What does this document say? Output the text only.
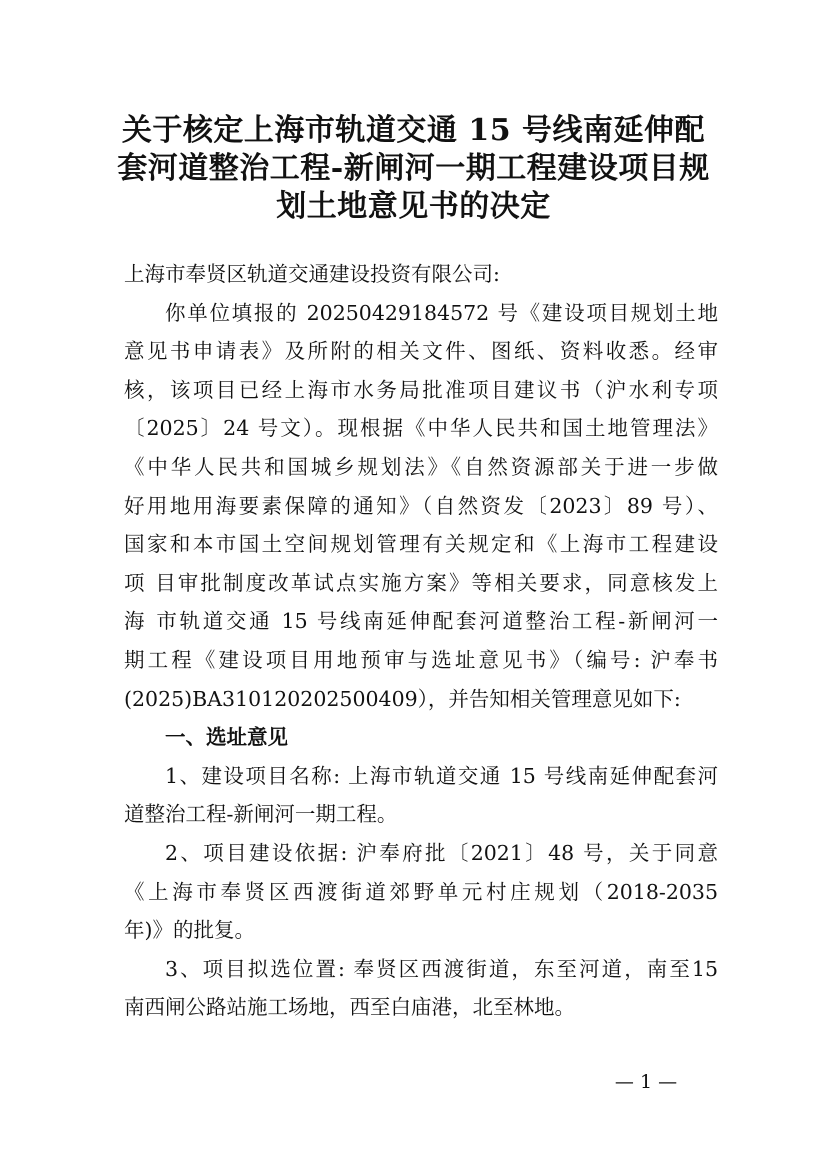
关于核定上海市轨道交通 15 号线南延伸配
套河道整治工程-新闸河一期工程建设项目规
划土地意见书的决定
上海市奉贤区轨道交通建设投资有限公司:
你单位填报的 20250429184572 号《建设项目规划土地
意见书申请表》及所附的相关文件、图纸、资料收悉。经审
核，该项目已经上海市水务局批准项目建议书（沪水利专项
〔2025〕24 号文）。现根据《中华人民共和国土地管理法》
《中华人民共和国城乡规划法》《自然资源部关于进一步做
好用地用海要素保障的通知》（自然资发〔2023〕89 号）、
国家和本市国土空间规划管理有关规定和《上海市工程建设
项 目审批制度改革试点实施方案》等相关要求，同意核发上
海 市轨道交通 15 号线南延伸配套河道整治工程-新闸河一
期工程《建设项目用地预审与选址意见书》（编号: 沪奉书
(2025)BA310120202500409），并告知相关管理意见如下:
一、选址意见
1、建设项目名称: 上海市轨道交通 15 号线南延伸配套河
道整治工程-新闸河一期工程。
2、项目建设依据: 沪奉府批〔2021〕48 号，关于同意
《上海市奉贤区西渡街道郊野单元村庄规划（2018-2035
年)》的批复。
3、项目拟选位置: 奉贤区西渡街道，东至河道，南至15
南西闸公路站施工场地，西至白庙港，北至林地。
— 1 —
